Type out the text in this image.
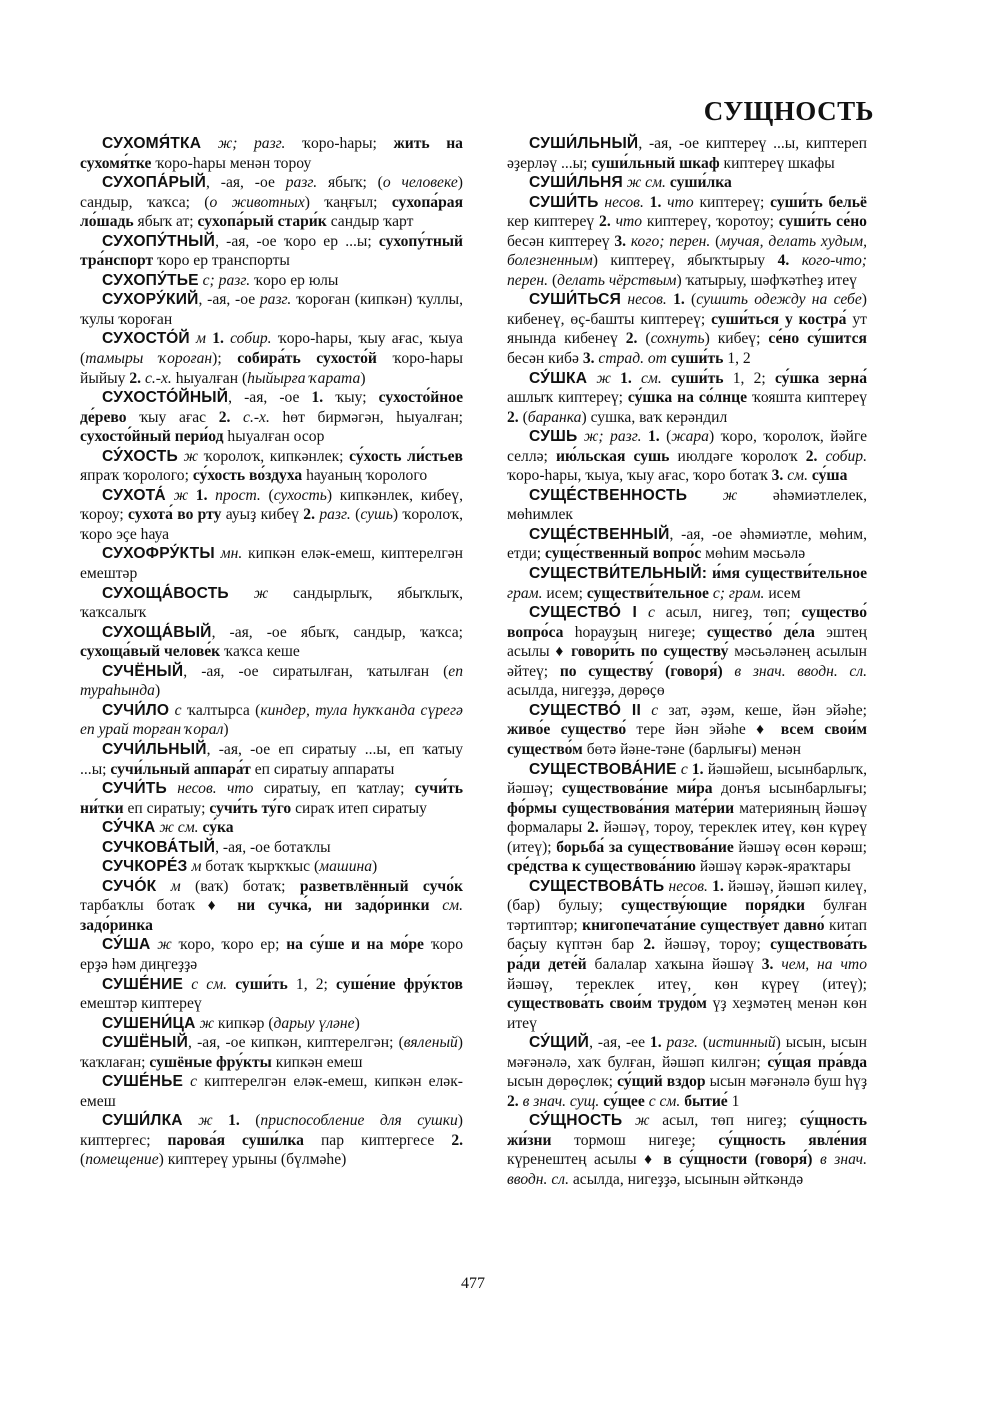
СУЩНОСТЬ

СУХОМЯ́ТКА ж; разг. ҡоро-һары; жить на сухомя́тке ҡоро-һары менән тороу

СУХОПА́РЫЙ, -ая, -ое разг. ябыҡ; (о человеке) сандыр, ҡаҡса; (о животных) ҡаңғыл; сухопа́рая ло́шадь ябыҡ ат; сухопа́рый стари́к сандыр ҡарт

СУХОПУ́ТНЫЙ, -ая, -ое ҡоро ер ...ы; сухопу́тный тра́нспорт ҡоро ер транспорты

СУХОПУ́ТЬЕ с; разг. ҡоро ер юлы

СУХОРУ́КИЙ, -ая, -ое разг. ҡороған (кипкән) ҡуллы, ҡулы ҡороған

СУХОСТО́Й м 1. собир. ҡоро-һары, ҡыу ағас, ҡыуа (тамыры ҡороған); собира́ть сухосто́й ҡоро-һары йыйыу 2. с.-х. һыуалған (һыйырға ҡарата)

СУХОСТО́ЙНЫЙ, -ая, -ое 1. ҡыу; сухосто́йное де́рево ҡыу ағас 2. с.-х. һөт бирмәгән, һыуалған; сухосто́йный пери́од һыуалған осор

СУ́ХОСТЬ ж ҡоролоҡ, кипкәнлек; су́хость ли́стьев япраҡ ҡоролого; су́хость во́здуха һауаның ҡоролого

СУХОТА́ ж 1. прост. (сухость) кипкәнлек, кибеү, ҡороу; сухота́ во рту ауыҙ кибеү 2. разг. (сушь) ҡоролоҡ, ҡоро эҫе һауа

СУХОФРУ́КТЫ мн. кипкән еләк-емеш, киптерелгән емештәр

СУХОЩА́ВОСТЬ ж сандырлыҡ, ябыҡлыҡ, ҡаҡсалыҡ

СУХОЩА́ВЫЙ, -ая, -ое ябыҡ, сандыр, ҡаҡса; сухоща́вый челове́к ҡаҡса кеше

СУЧЁНЫЙ, -ая, -ое сиратылған, ҡатылған (еп тураһында)

СУЧИ́ЛО с ҡалтырса (киндер, тула һуҡҡанда сүрегә еп урай торған ҡорал)

СУЧИ́ЛЬНЫЙ, -ая, -ое еп сиратыу ...ы, еп ҡатыу ...ы; сучи́льный аппара́т еп сиратыу аппараты

СУЧИ́ТЬ несов. что сиратыу, еп ҡатлау; сучи́ть ни́тки еп сиратыу; сучи́ть ту́го сираҡ итеп сиратыу

СУ́ЧКА ж см. су́ка

СУЧКОВА́ТЫЙ, -ая, -ое ботаҡлы

СУЧКОРЕ́З м ботаҡ ҡырҡҡыс (машина)

СУЧО́К м (ваҡ) ботаҡ; разветвлённый сучо́к тарбаҡлы ботаҡ ♦ ни сучка́, ни задо́ринки см. задо́ринка

СУ́ША ж ҡоро, ҡоро ер; на су́ше и на мо́ре ҡоро ерҙә һәм диңгеҙҙә

СУШЕ́НИЕ с см. суши́ть 1, 2; суше́ние фру́ктов емештәр киптереү

СУШЕНИ́ЦА ж кипкәр (дарыу үләне)

СУШЁНЫЙ, -ая, -ое кипкән, киптерелгән; (вяленый) ҡаҡлаған; сушёные фру́кты кипкән емеш

СУШЕ́НЬЕ с киптерелгән еләк-емеш, кипкән еләк-емеш

СУШИ́ЛКА ж 1. (приспособление для сушки) киптергес; парова́я суши́лка пар киптергесе 2. (помещение) киптереү урыны (бүлмәһе)

СУШИ́ЛЬНЫЙ, -ая, -ое киптереү ...ы, киптереп әҙерләү ...ы; суши́льный шкаф киптереү шкафы

СУШИ́ЛЬНЯ ж см. суши́лка

СУШИ́ТЬ несов. 1. что киптереү; суши́ть бельё кер киптереү 2. что киптереү, ҡоротоу; суши́ть се́но бесән киптереү 3. кого; перен. (мучая, делать худым, болезненным) киптереү, ябыҡтырыу 4. кого-что; перен. (делать чёрствым) ҡатырыу, шәфҡәтһеҙ итеү

СУШИ́ТЬСЯ несов. 1. (сушить одежду на себе) кибенеү, өҫ-башты киптереү; суши́ться у костра́ ут янында кибенеү 2. (сохнуть) кибеү; се́но су́шится бесән кибә 3. страд. от суши́ть 1, 2

СУ́ШКА ж 1. см. суши́ть 1, 2; су́шка зерна́ ашлыҡ киптереү; су́шка на со́лнце ҡояшта киптереү 2. (баранка) сушка, ваҡ керәндил

СУШЬ ж; разг. 1. (жара) ҡоро, ҡоролоҡ, йәйге селлә; ию́льская сушь июлдәге ҡоролоҡ 2. собир. ҡоро-һары, ҡыуа, ҡыу ағас, ҡоро ботаҡ 3. см. су́ша

СУЩЕ́СТВЕННОСТЬ ж әһәмиәтлелек, мөһимлек

СУЩЕ́СТВЕННЫЙ, -ая, -ое әһәмиәтле, мөһим, етди; суще́ственный вопро́с мөһим мәсьәлә

СУЩЕСТВИ́ТЕЛЬНЫЙ: и́мя существи́тельное грам. исем; существи́тельное с; грам. исем

СУЩЕСТВО́ I с асыл, нигеҙ, төп; существо́ вопро́са һорауҙың нигеҙе; существо́ де́ла эштең асылы ♦ говори́ть по существу́ мәсьәләнең асылын әйтеү; по существу́ (говоря́) в знач. вводн. сл. асылда, нигеҙҙә, дөрөҫө

СУЩЕСТВО́ II с зат, әҙәм, кеше, йән эйәһе; живо́е существо́ тере йән эйәһе ♦ всем свои́м существо́м бөтә йәне-тәне (барлығы) менән

СУЩЕСТВОВА́НИЕ с 1. йәшәйеш, ысынбарлыҡ, йәшәү; существова́ние ми́ра донъя ысынбарлығы; фо́рмы существова́ния мате́рии материяның йәшәү формалары 2. йәшәү, тороу, тереклек итеү, көн күреү (итеү); борьба́ за существова́ние йәшәү өсөн көрәш; сре́дства к существова́нию йәшәү кәрәк-яраҡтары

СУЩЕСТВОВА́ТЬ несов. 1. йәшәү, йәшәп килеү, (бар) булыу; существу́ющие поря́дки булған тәртиптәр; книгопечата́ние существу́ет давно́ китап баҫыу күптән бар 2. йәшәү, тороу; существова́ть ра́ди дете́й балалар хаҡына йәшәү 3. чем, на что йәшәү, тереклек итеү, көн күреү (итеү); существова́ть свои́м трудо́м үҙ хеҙмәтең менән көн итеү

СУ́ЩИЙ, -ая, -ее 1. разг. (истинный) ысын, ысын мәғәнәлә, хаҡ булған, йәшәп килгән; су́щая пра́вда ысын дөрөҫлөк; су́щий вздор ысын мәғәнәлә буш һүҙ 2. в знач. сущ. су́щее с см. бытие́ 1

СУ́ЩНОСТЬ ж асыл, төп нигеҙ; су́щность жи́зни тормош нигеҙе; су́щность явле́ния күренештең асылы ♦ в су́щности (говоря́) в знач. вводн. сл. асылда, нигеҙҙә, ысынын әйткәндә

477
